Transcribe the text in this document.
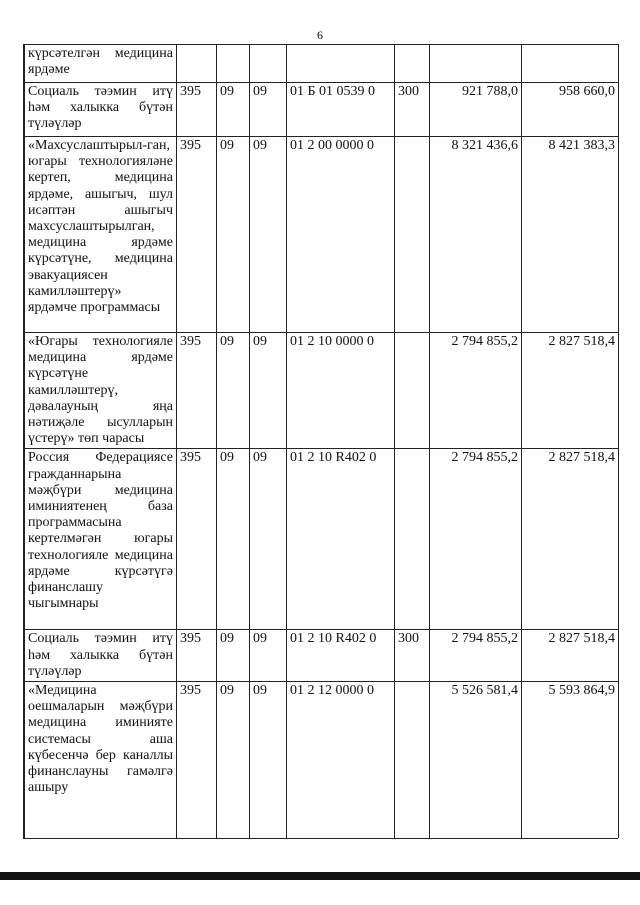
6
күрсәтелгән медицина ярдәме							
Социаль тәэмин итү һәм халыкка бүтән түләүләр	395	09	09	01 Б 01 0539 0	300	921 788,0	958 660,0
«Махсуслаштырыл-ган, югары технологияләне кертеп, медицина ярдәме, ашыгыч, шул исәптән ашыгыч махсуслаштырылган, медицина ярдәме күрсәтүне, медицина эвакуациясен камилләштерү» ярдәмче программасы	395	09	09	01 2 00 0000 0		8 321 436,6	8 421 383,3
«Югары технологияле медицина ярдәме күрсәтүне камилләштерү, дәвалауның яңа нәтиҗәле ысулларын үстерү» төп чарасы	395	09	09	01 2 10 0000 0		2 794 855,2	2 827 518,4
Россия Федерациясе гражданнарына мәҗбүри медицина иминиятенең база программасына кертелмәгән югары технологияле медицина ярдәме күрсәтүгә финанслашу чыгымнары	395	09	09	01 2 10 R402 0		2 794 855,2	2 827 518,4
Социаль тәэмин итү һәм халыкка бүтән түләүләр	395	09	09	01 2 10 R402 0	300	2 794 855,2	2 827 518,4
«Медицина оешмаларын мәҗбүри медицина иминияте системасы аша күбесенчә бер каналлы финанслауны гамәлгә ашыру	395	09	09	01 2 12 0000 0		5 526 581,4	5 593 864,9
